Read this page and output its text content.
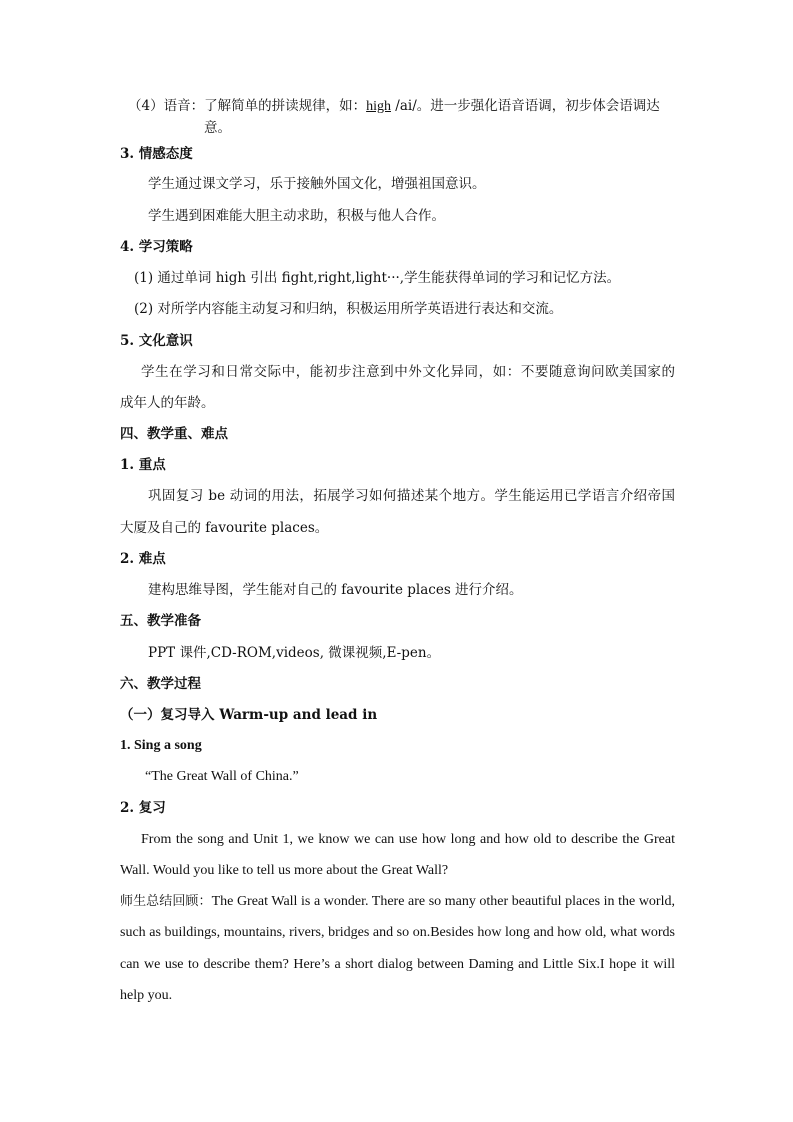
（4）语音：了解简单的拼读规律，如：high /ai/。进一步强化语音语调，初步体会语调达
意。
3. 情感态度
学生通过课文学习，乐于接触外国文化，增强祖国意识。
学生遇到困难能大胆主动求助，积极与他人合作。
4. 学习策略
(1) 通过单词 high 引出 fight,right,light···,学生能获得单词的学习和记忆方法。
(2) 对所学内容能主动复习和归纳，积极运用所学英语进行表达和交流。
5. 文化意识
学生在学习和日常交际中，能初步注意到中外文化异同，如：不要随意询问欧美国家的
成年人的年龄。
四、教学重、难点
1. 重点
巩固复习 be 动词的用法，拓展学习如何描述某个地方。学生能运用已学语言介绍帝国
大厦及自己的 favourite places。
2. 难点
建构思维导图，学生能对自己的 favourite places 进行介绍。
五、教学准备
PPT 课件,CD-ROM,videos, 微课视频,E-pen。
六、教学过程
（一）复习导入 Warm-up and lead in
1. Sing a song
“The Great Wall of China.”
2. 复习
From the song and Unit 1, we know we can use how long and how old to describe the Great
Wall. Would you like to tell us more about the Great Wall?
师生总结回顾：The Great Wall is a wonder. There are so many other beautiful places in the world,
such as buildings, mountains, rivers, bridges and so on.Besides how long and how old, what words
can we use to describe them? Here’s a short dialog between Daming and Little Six.I hope it will
help you.
